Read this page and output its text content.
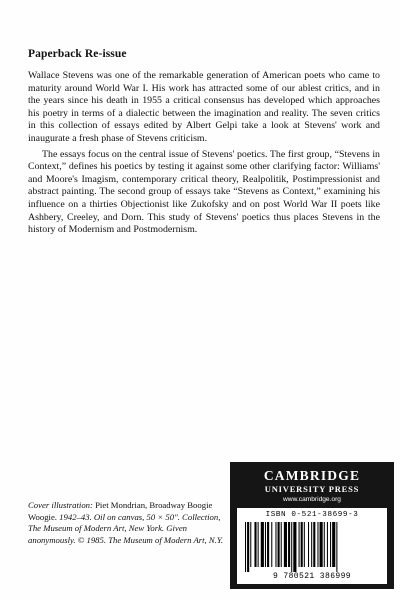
Paperback Re-issue

Wallace Stevens was one of the remarkable generation of American poets who came to maturity around World War I. His work has attracted some of our ablest critics, and in the years since his death in 1955 a critical consensus has developed which approaches his poetry in terms of a dialectic between the imagination and reality. The seven critics in this collection of essays edited by Albert Gelpi take a look at Stevens' work and inaugurate a fresh phase of Stevens criticism.

The essays focus on the central issue of Stevens' poetics. The first group, “Stevens in Context,” defines his poetics by testing it against some other clarifying factor: Williams' and Moore's Imagism, contemporary critical theory, Realpolitik, Postimpressionist and abstract painting. The second group of essays take “Stevens as Context,” examining his influence on a thirties Objectionist like Zukofsky and on post World War II poets like Ashbery, Creeley, and Dorn. This study of Stevens' poetics thus places Stevens in the history of Modernism and Postmodernism.

Cover illustration: Piet Mondrian, Broadway Boogie Woogie. 1942–43. Oil on canvas, 50 × 50″. Collection, The Museum of Modern Art, New York. Given anonymously. © 1985. The Museum of Modern Art, N.Y.
CAMBRIDGE
UNIVERSITY PRESS
www.cambridge.org
ISBN 0-521-38699-3
9 780521 386999
